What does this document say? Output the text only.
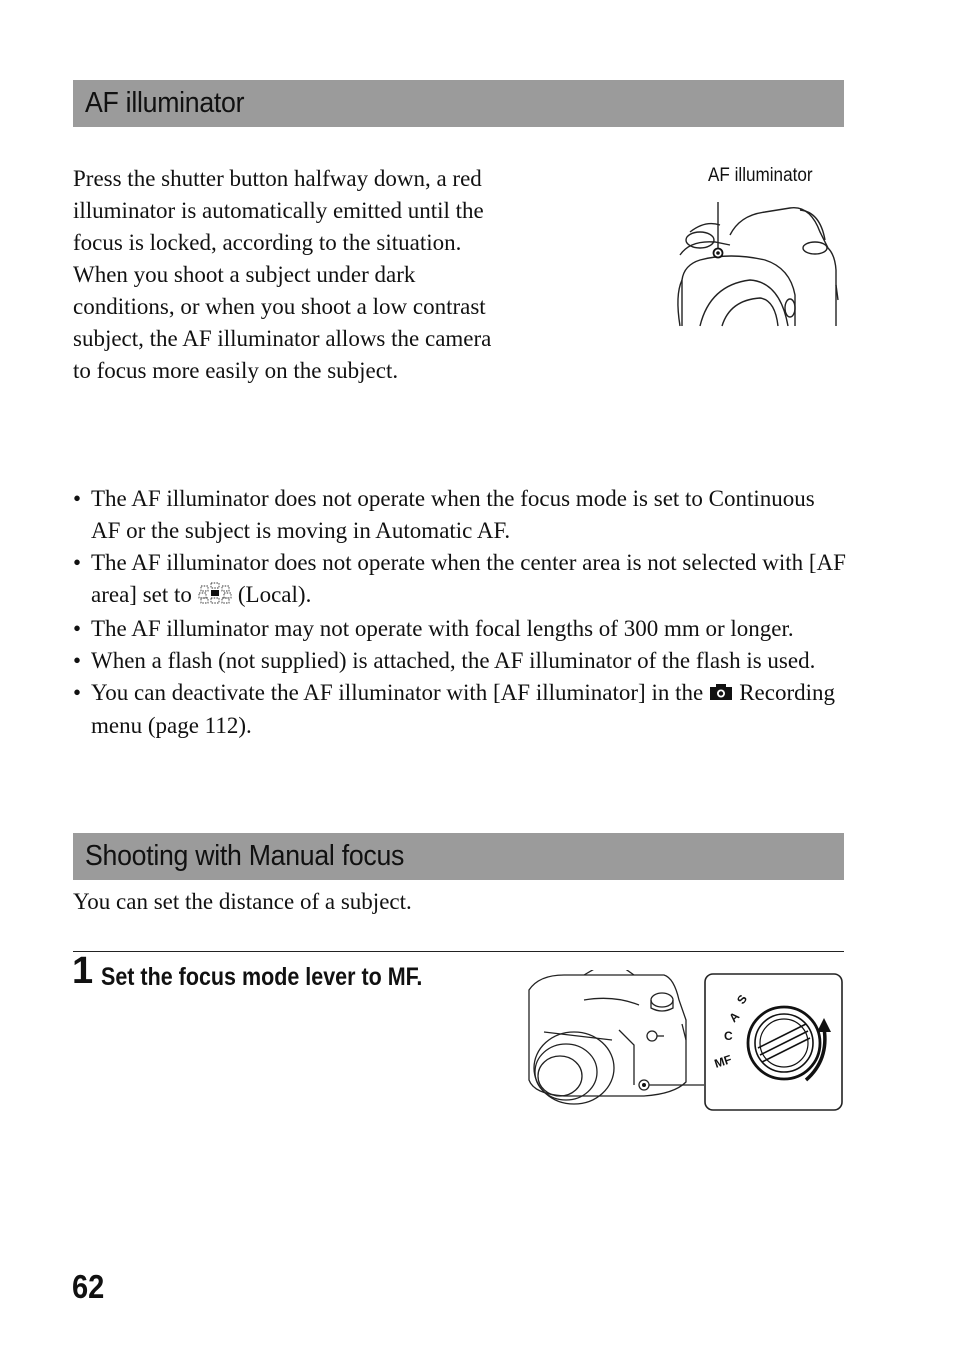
AF illuminator

Press the shutter button halfway down, a red illuminator is automatically emitted until the focus is locked, according to the situation.

When you shoot a subject under dark conditions, or when you shoot a low contrast subject, the AF illuminator allows the camera to focus more easily on the subject.

AF illuminator
• The AF illuminator does not operate when the focus mode is set to Continuous AF or the subject is moving in Automatic AF.
• The AF illuminator does not operate when the center area is not selected with [AF area] set to (Local).
• The AF illuminator may not operate with focal lengths of 300 mm or longer.
• When a flash (not supplied) is attached, the AF illuminator of the flash is used.
• You can deactivate the AF illuminator with [AF illuminator] in the Recording menu (page 112).
Shooting with Manual focus
You can set the distance of a subject.
1 Set the focus mode lever to MF.
S
A
C
MF
62
